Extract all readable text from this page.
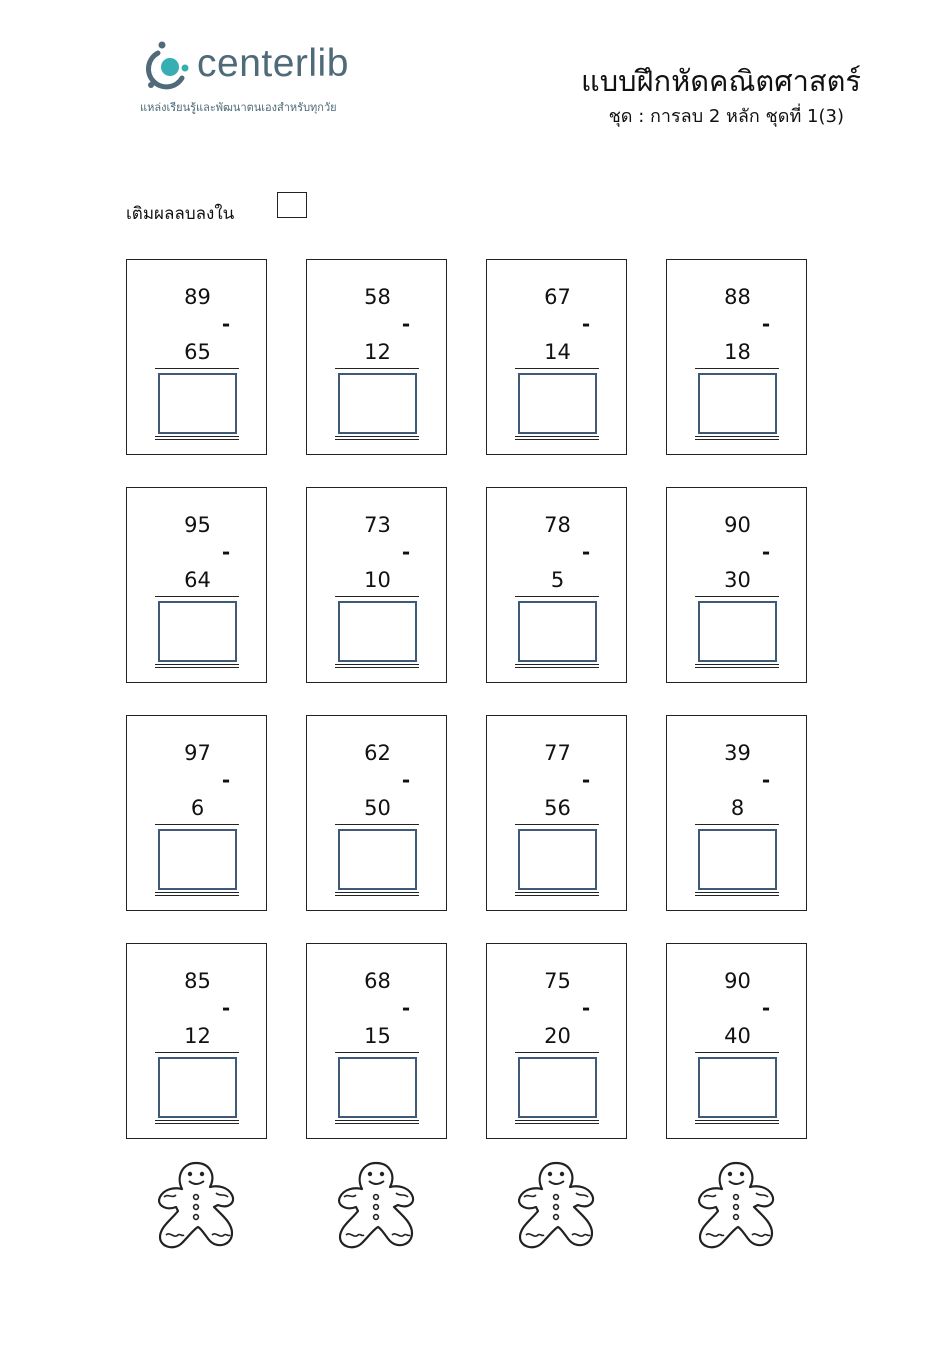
centerlib
แหล่งเรียนรู้และพัฒนาตนเองสำหรับทุกวัย
แบบฝึกหัดคณิตศาสตร์
ชุด : การลบ 2 หลัก ชุดที่ 1(3)
เติมผลลบลงใน
89
-
65
58
-
12
67
-
14
88
-
18
95
-
64
73
-
10
78
-
5
90
-
30
97
-
6
62
-
50
77
-
56
39
-
8
85
-
12
68
-
15
75
-
20
90
-
40
